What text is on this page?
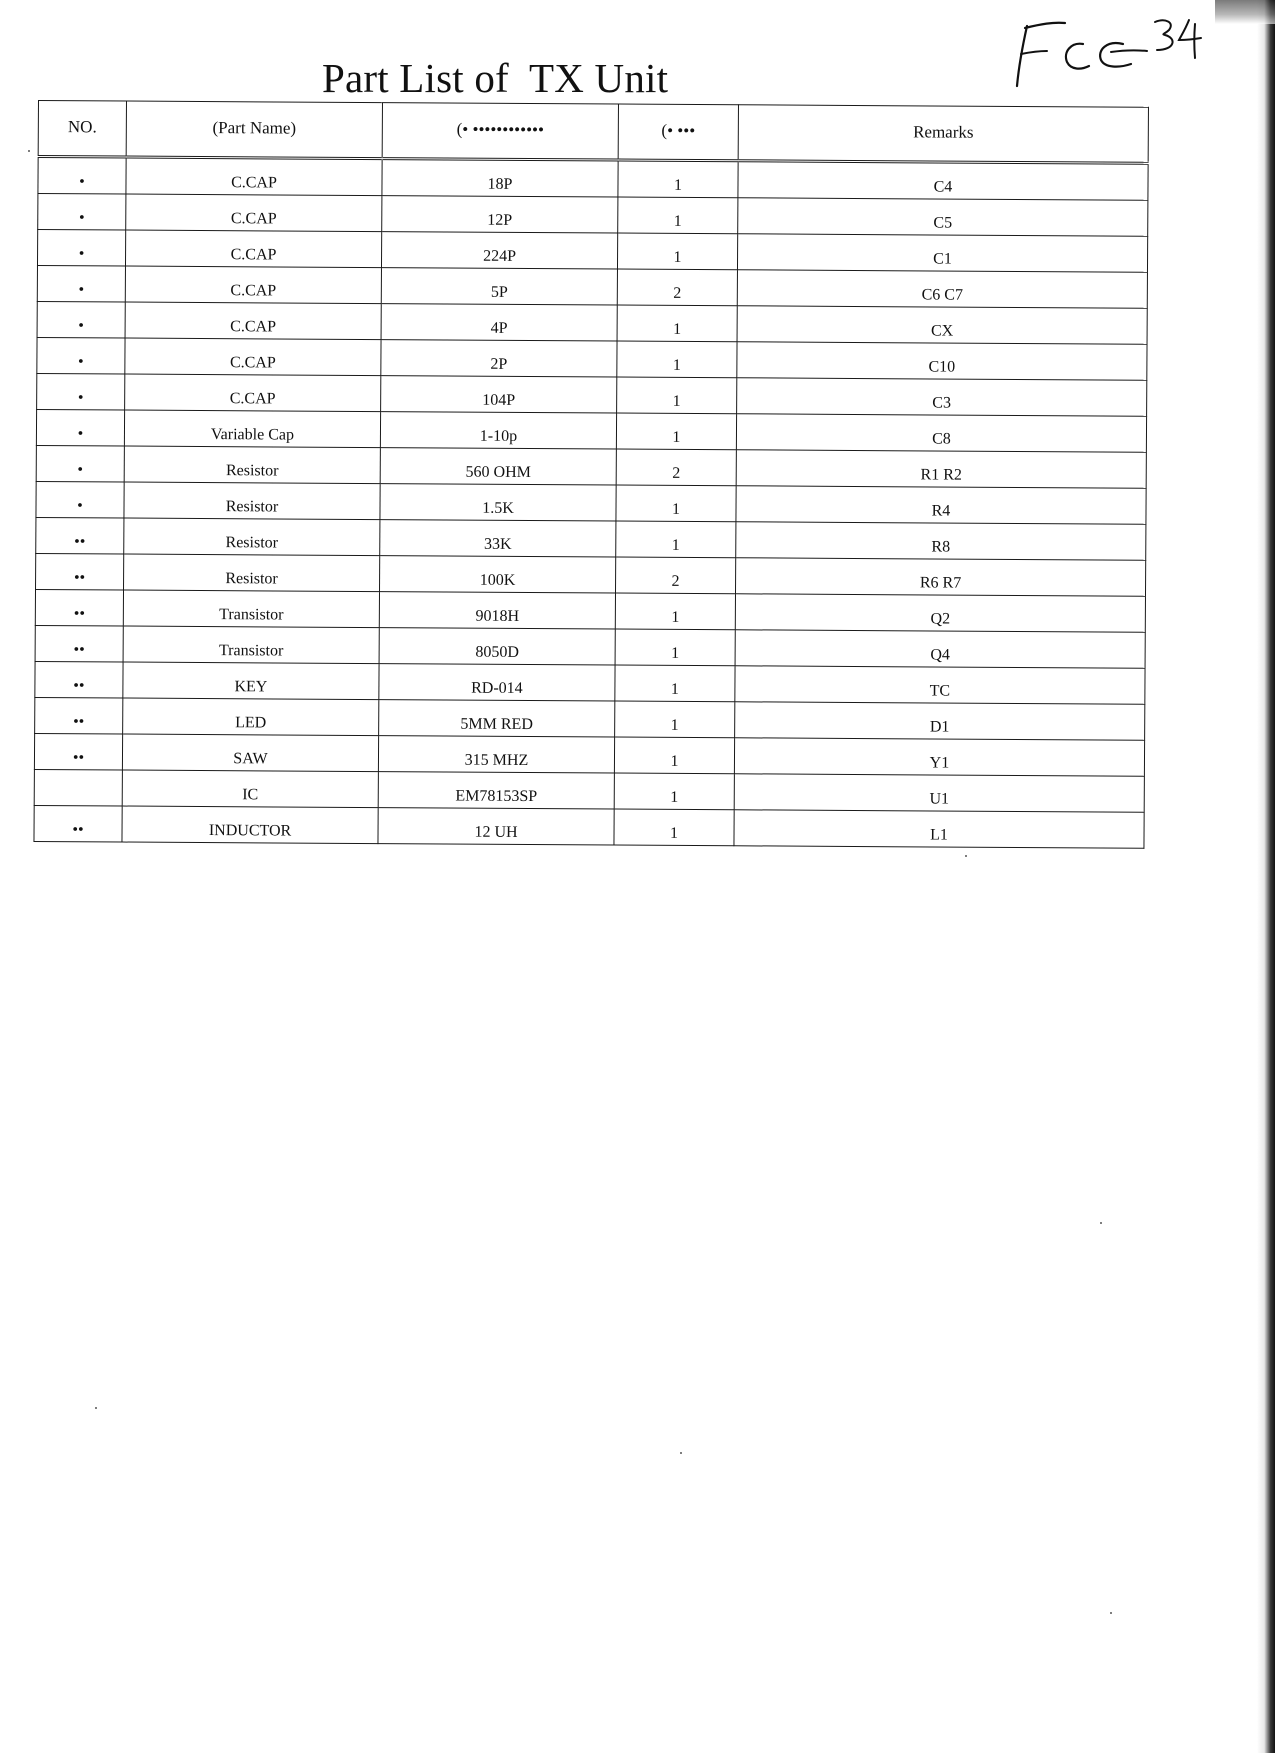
Part List of  TX Unit
NO.	(Part Name)	(• ••••••••••••	(• •••	Remarks
•	C.CAP	18P	1	C4
•	C.CAP	12P	1	C5
•	C.CAP	224P	1	C1
•	C.CAP	5P	2	C6 C7
•	C.CAP	4P	1	CX
•	C.CAP	2P	1	C10
•	C.CAP	104P	1	C3
•	Variable Cap	1-10p	1	C8
•	Resistor	560 OHM	2	R1 R2
•	Resistor	1.5K	1	R4
••	Resistor	33K	1	R8
••	Resistor	100K	2	R6 R7
••	Transistor	9018H	1	Q2
••	Transistor	8050D	1	Q4
••	KEY	RD-014	1	TC
••	LED	5MM RED	1	D1
••	SAW	315 MHZ	1	Y1
	IC	EM78153SP	1	U1
••	INDUCTOR	12 UH	1	L1
